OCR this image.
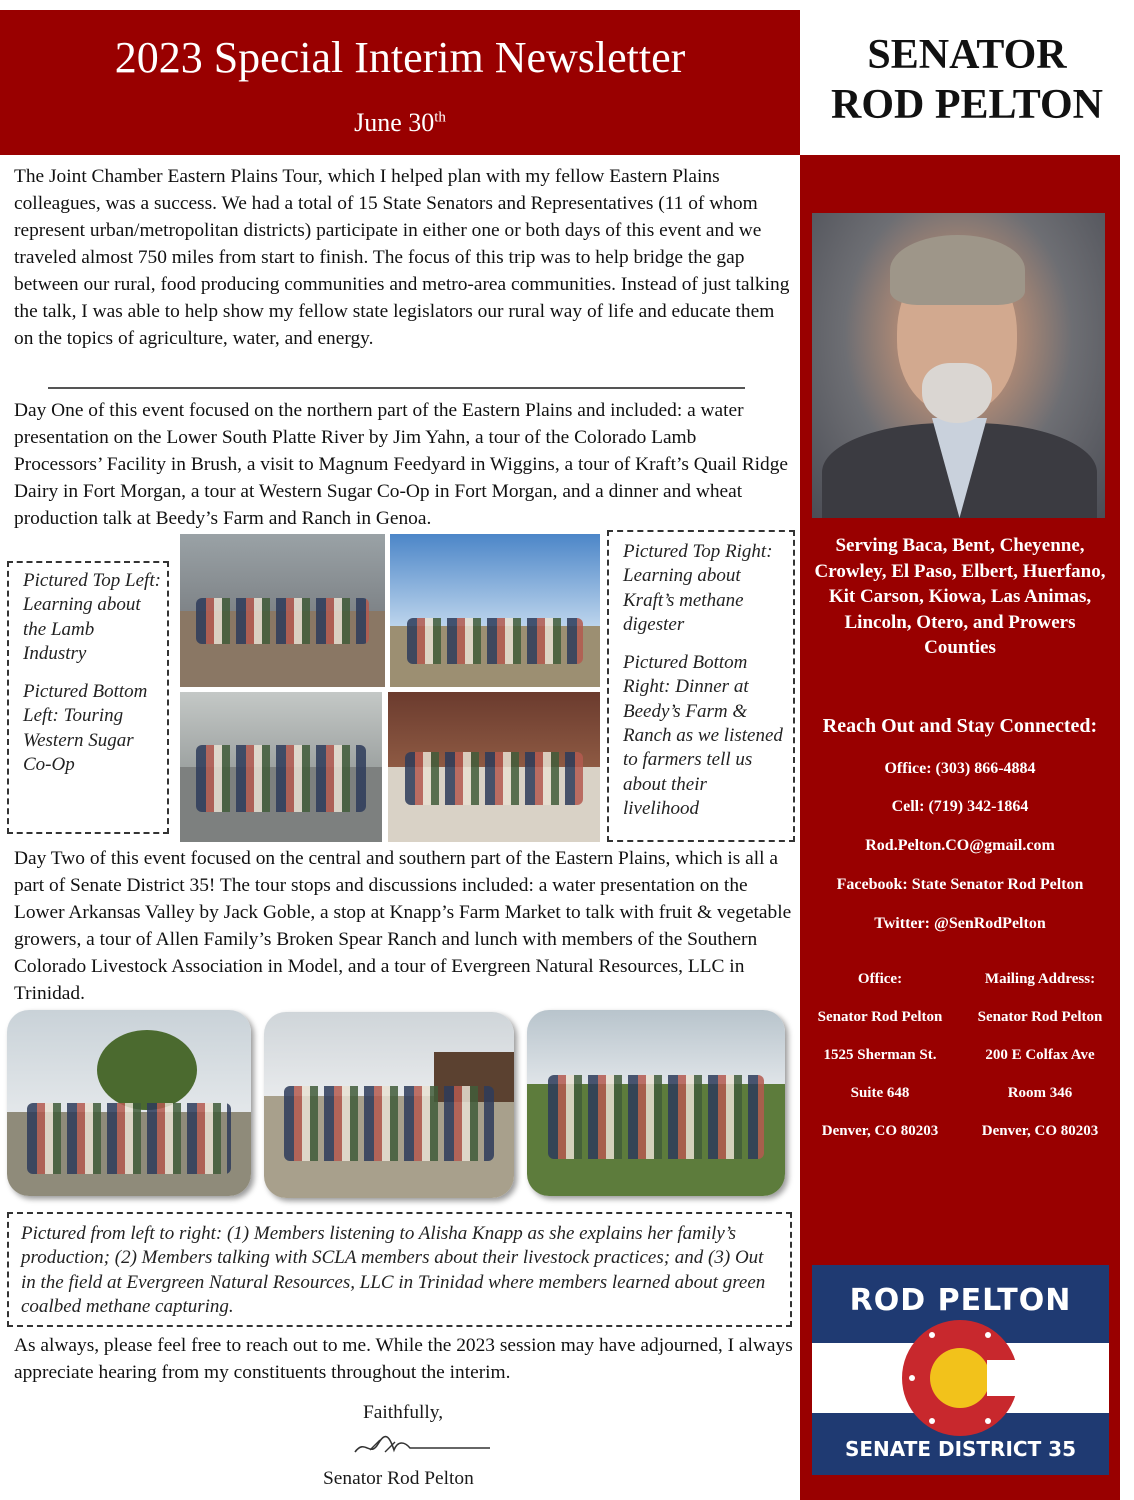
2023 Special Interim Newsletter
June 30th
SENATOR
ROD PELTON
Serving Baca, Bent, Cheyenne, Crowley, El Paso, Elbert, Huerfano, Kit Carson, Kiowa, Las Animas, Lincoln, Otero, and Prowers Counties
Reach Out and Stay Connected:
Office: (303) 866-4884
Cell: (719) 342-1864
Rod.Pelton.CO@gmail.com
Facebook: State Senator Rod Pelton
Twitter: @SenRodPelton
Office:
Senator Rod Pelton
1525 Sherman St.
Suite 648
Denver, CO 80203
Mailing Address:
Senator Rod Pelton
200 E Colfax Ave
Room 346
Denver, CO 80203
ROD PELTON
SENATE DISTRICT 35
The Joint Chamber Eastern Plains Tour, which I helped plan with my fellow Eastern Plains colleagues, was a success. We had a total of 15 State Senators and Representatives (11 of whom represent urban/metropolitan districts) participate in either one or both days of this event and we traveled almost 750 miles from start to finish. The focus of this trip was to help bridge the gap between our rural, food producing communities and metro-area communities. Instead of just talking the talk, I was able to help show my fellow state legislators our rural way of life and educate them on the topics of agriculture, water, and energy.
Day One of this event focused on the northern part of the Eastern Plains and included: a water presentation on the Lower South Platte River by Jim Yahn, a tour of the Colorado Lamb Processors’ Facility in Brush, a visit to Magnum Feedyard in Wiggins, a tour of Kraft’s Quail Ridge Dairy in Fort Morgan, a tour at Western Sugar Co-Op in Fort Morgan, and a dinner and wheat production talk at Beedy’s Farm and Ranch in Genoa.
Pictured Top Left: Learning about the Lamb Industry
Pictured Bottom Left: Touring Western Sugar Co-Op
Pictured Top Right: Learning about Kraft’s methane digester
Pictured Bottom Right: Dinner at Beedy’s Farm & Ranch as we listened to farmers tell us about their livelihood
Day Two of this event focused on the central and southern part of the Eastern Plains, which is all a part of Senate District 35! The tour stops and discussions included: a water presentation on the Lower Arkansas Valley by Jack Goble, a stop at Knapp’s Farm Market to talk with fruit & vegetable growers, a tour of Allen Family’s Broken Spear Ranch and lunch with members of the Southern Colorado Livestock Association in Model, and a tour of Evergreen Natural Resources, LLC in Trinidad.
Pictured from left to right: (1) Members listening to Alisha Knapp as she explains her family’s production; (2) Members talking with SCLA members about their livestock practices; and (3) Out in the field at Evergreen Natural Resources, LLC in Trinidad where members learned about green coalbed methane capturing.
As always, please feel free to reach out to me. While the 2023 session may have adjourned, I always appreciate hearing from my constituents throughout the interim.
Faithfully,
Senator Rod Pelton
